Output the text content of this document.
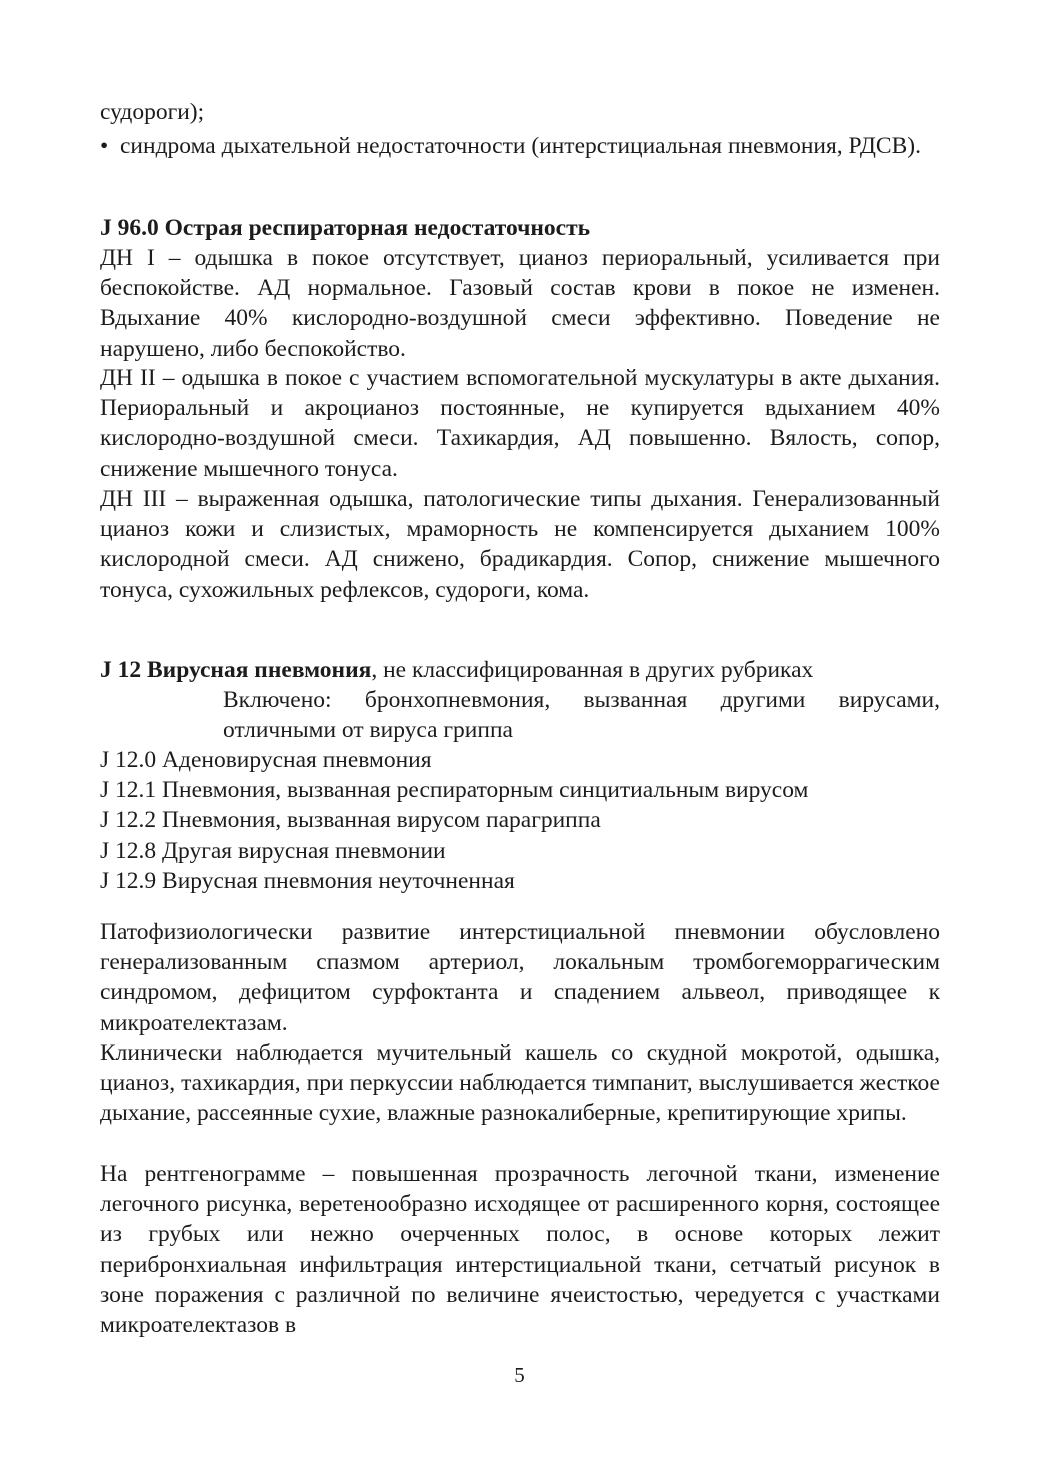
судороги);

• синдрома дыхательной недостаточности (интерстициальная пневмония, РДСВ).

J 96.0 Острая респираторная недостаточность

ДН I – одышка в покое отсутствует, цианоз периоральный, усиливается при беспокойстве. АД нормальное. Газовый состав крови в покое не изменен. Вдыхание 40% кислородно-воздушной смеси эффективно. Поведение не нарушено, либо беспокойство.

ДН II – одышка в покое с участием вспомогательной мускулатуры в акте дыхания. Периоральный и акроцианоз постоянные, не купируется вдыханием 40% кислородно-воздушной смеси. Тахикардия, АД повышенно. Вялость, сопор, снижение мышечного тонуса.

ДН III – выраженная одышка, патологические типы дыхания. Генерализованный цианоз кожи и слизистых, мраморность не компенсируется дыханием 100% кислородной смеси. АД снижено, брадикардия. Сопор, снижение мышечного тонуса, сухожильных рефлексов, судороги, кома.

J 12 Вирусная пневмония, не классифицированная в других рубриках

Включено: бронхопневмония, вызванная другими вирусами, отличными от вируса гриппа

J 12.0 Аденовирусная пневмония

J 12.1 Пневмония, вызванная респираторным синцитиальным вирусом

J 12.2 Пневмония, вызванная вирусом парагриппа

J 12.8 Другая вирусная пневмонии

J 12.9 Вирусная пневмония неуточненная

Патофизиологически развитие интерстициальной пневмонии обусловлено генерализованным спазмом артериол, локальным тромбогеморрагическим синдромом, дефицитом сурфоктанта и спадением альвеол, приводящее к микроателектазам.

Клинически наблюдается мучительный кашель со скудной мокротой, одышка, цианоз, тахикардия, при перкуссии наблюдается тимпанит, выслушивается жесткое дыхание, рассеянные сухие, влажные разнокалиберные, крепитирующие хрипы.

На рентгенограмме – повышенная прозрачность легочной ткани, изменение легочного рисунка, веретенообразно исходящее от расширенного корня, состоящее из грубых или нежно очерченных полос, в основе которых лежит перибронхиальная инфильтрация интерстициальной ткани, сетчатый рисунок в зоне поражения с различной по величине ячеистостью, чередуется с участками микроателектазов в

5
